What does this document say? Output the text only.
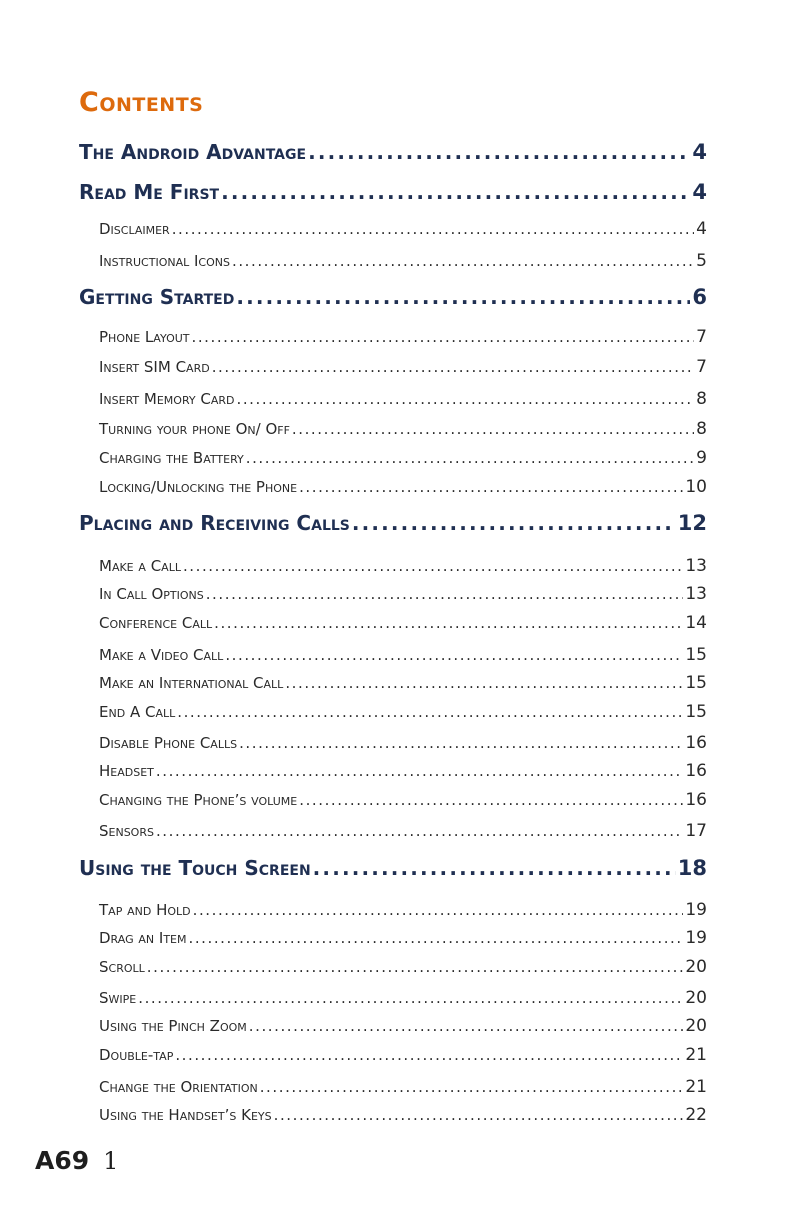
Contents
The Android Advantage . . .	4
Read Me First . . .	4
Disclaimer . . .	4
Instructional Icons . . .	5
Getting Started . . .	6
Phone Layout . . .	7
Insert SIM Card . . .	7
Insert Memory Card . . .	8
Turning your phone On/ Off . . .	8
Charging the Battery . . .	9
Locking/Unlocking the Phone . . .	10
Placing and Receiving Calls . . .	12
Make a Call . . .	13
In Call Options . . .	13
Conference Call . . .	14
Make a Video Call . . .	15
Make an International Call . . .	15
End A Call . . .	15
Disable Phone Calls . . .	16
Headset . . .	16
Changing the Phone’s volume . . .	16
Sensors . . .	17
Using the Touch Screen . . .	18
Tap and Hold . . .	19
Drag an Item . . .	19
Scroll . . .	20
Swipe . . .	20
Using the Pinch Zoom . . .	20
Double-tap . . .	21
Change the Orientation . . .	21
Using the Handset’s Keys . . .	22
A69 1
